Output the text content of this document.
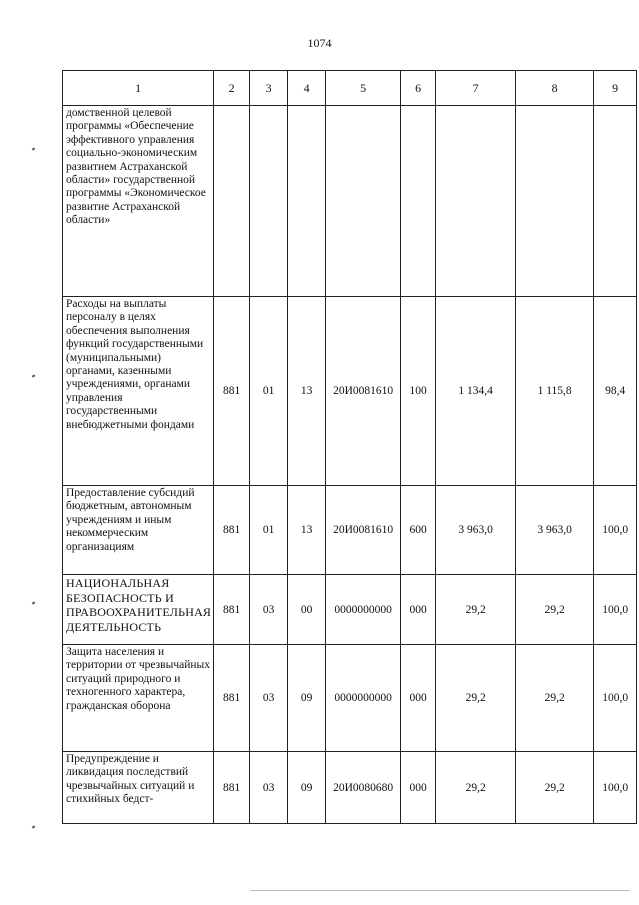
1074
1	2	3	4	5	6	7	8	9
домственной целевой программы «Обеспечение эффективного управления социально-экономическим развитием Астраханской области» государственной программы «Экономическое развитие Астраханской области»								
Расходы на выплаты персоналу в целях обеспечения выполнения функций государственными (муниципальными) органами, казенными учреждениями, органами управления государственными внебюджетными фондами	881	01	13	20И0081610	100	1 134,4	1 115,8	98,4
Предоставление субсидий бюджетным, автономным учреждениям и иным некоммерческим организациям	881	01	13	20И0081610	600	3 963,0	3 963,0	100,0
НАЦИОНАЛЬНАЯ БЕЗОПАСНОСТЬ И ПРАВООХРАНИТЕЛЬНАЯ ДЕЯТЕЛЬНОСТЬ	881	03	00	0000000000	000	29,2	29,2	100,0
Защита населения и территории от чрезвычайных ситуаций природного и техногенного характера, гражданская оборона	881	03	09	0000000000	000	29,2	29,2	100,0
Предупреждение и ликвидация последствий чрезвычайных ситуаций и стихийных бедст-	881	03	09	20И0080680	000	29,2	29,2	100,0
